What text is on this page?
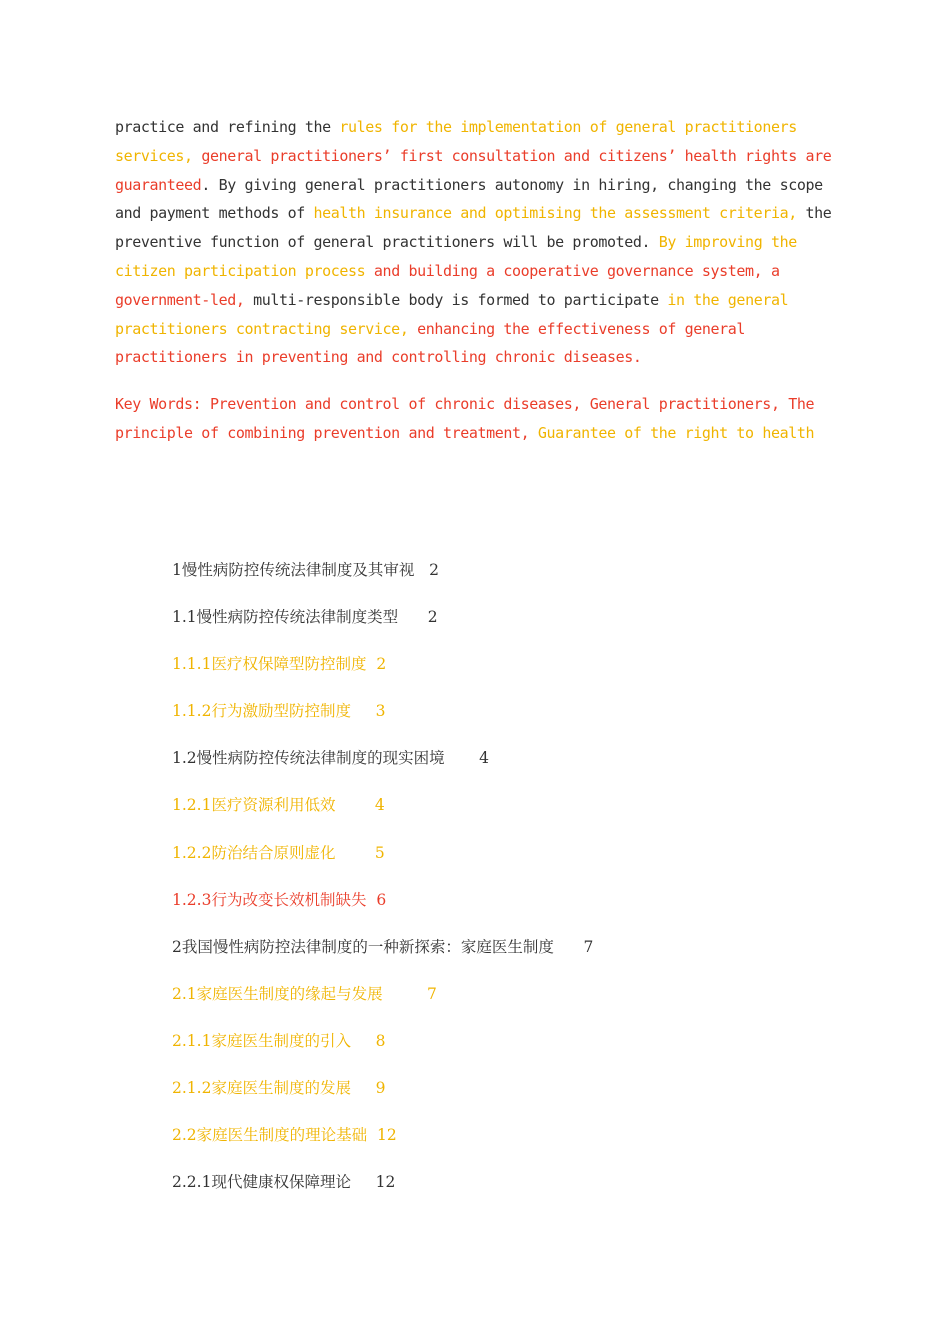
practice and refining the rules for the implementation of general practitioners

services, general practitioners’ first consultation and citizens’ health rights are

guaranteed. By giving general practitioners autonomy in hiring, changing the scope

and payment methods of health insurance and optimising the assessment criteria, the

preventive function of general practitioners will be promoted. By improving the

citizen participation process and building a cooperative governance system, a

government-led, multi-responsible body is formed to participate in the general

practitioners contracting service, enhancing the effectiveness of general

practitioners in preventing and controlling chronic diseases.

Key Words: Prevention and control of chronic diseases, General practitioners, The

principle of combining prevention and treatment, Guarantee of the right to health

1慢性病防控传统法律制度及其审视 2
1.1慢性病防控传统法律制度类型 2
1.1.1医疗权保障型防控制度 2
1.1.2行为激励型防控制度 3
1.2慢性病防控传统法律制度的现实困境 4
1.2.1医疗资源利用低效	4
1.2.2防治结合原则虚化	5
1.2.3行为改变长效机制缺失 6
2我国慢性病防控法律制度的一种新探索：家庭医生制度 7
2.1家庭医生制度的缘起与发展	7
2.1.1家庭医生制度的引入 8
2.1.2家庭医生制度的发展 9
2.2家庭医生制度的理论基础 12
2.2.1现代健康权保障理论 12
